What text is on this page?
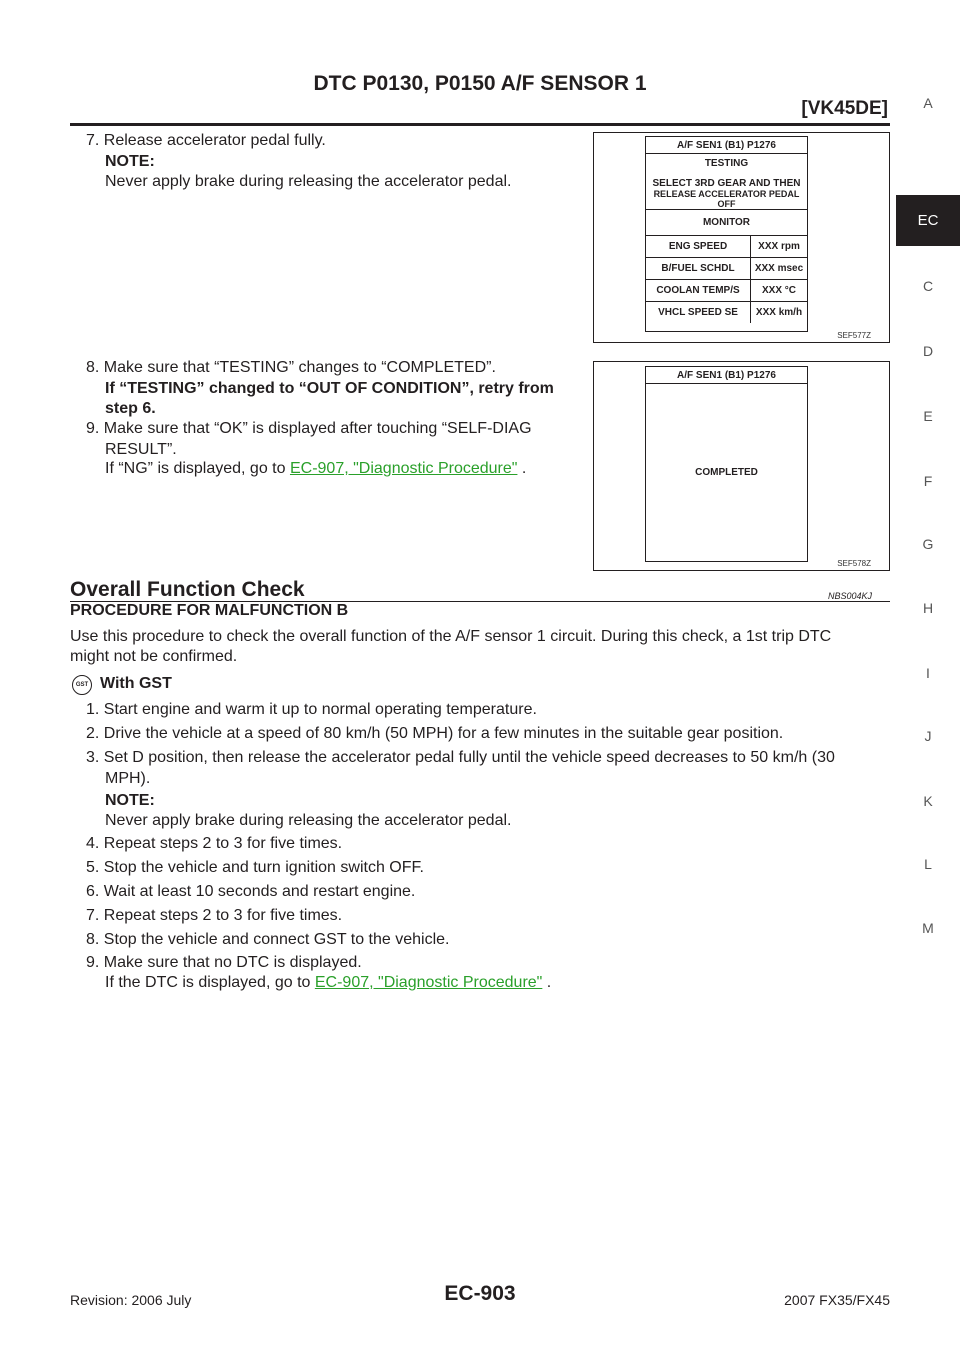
DTC P0130, P0150 A/F SENSOR 1
[VK45DE]	A
EC
C
D
E
F
G
H
I
J
K
L
M
7. Release accelerator pedal fully.
NOTE:
Never apply brake during releasing the accelerator pedal.
A/F SEN1 (B1) P1276
TESTING
SELECT 3RD GEAR AND THEN
RELEASE ACCELERATOR PEDAL OFF
MONITOR
ENG SPEED	XXX rpm
B/FUEL SCHDL	XXX msec
COOLAN TEMP/S	XXX °C
VHCL SPEED SE	XXX km/h
SEF577Z
8. Make sure that “TESTING” changes to “COMPLETED”.
If “TESTING” changed to “OUT OF CONDITION”, retry from
step 6.
9. Make sure that “OK” is displayed after touching “SELF-DIAG
RESULT”.
If “NG” is displayed, go to EC-907, "Diagnostic Procedure" .
A/F SEN1 (B1) P1276
COMPLETED
SEF578Z
Overall Function Check	NBS004KJ
PROCEDURE FOR MALFUNCTION B
Use this procedure to check the overall function of the A/F sensor 1 circuit. During this check, a 1st trip DTC
might not be confirmed.
GST With GST
1. Start engine and warm it up to normal operating temperature.
2. Drive the vehicle at a speed of 80 km/h (50 MPH) for a few minutes in the suitable gear position.
3. Set D position, then release the accelerator pedal fully until the vehicle speed decreases to 50 km/h (30
MPH).
NOTE:
Never apply brake during releasing the accelerator pedal.
4. Repeat steps 2 to 3 for five times.
5. Stop the vehicle and turn ignition switch OFF.
6. Wait at least 10 seconds and restart engine.
7. Repeat steps 2 to 3 for five times.
8. Stop the vehicle and connect GST to the vehicle.
9. Make sure that no DTC is displayed.
If the DTC is displayed, go to EC-907, "Diagnostic Procedure" .
Revision: 2006 July	EC-903	2007 FX35/FX45
